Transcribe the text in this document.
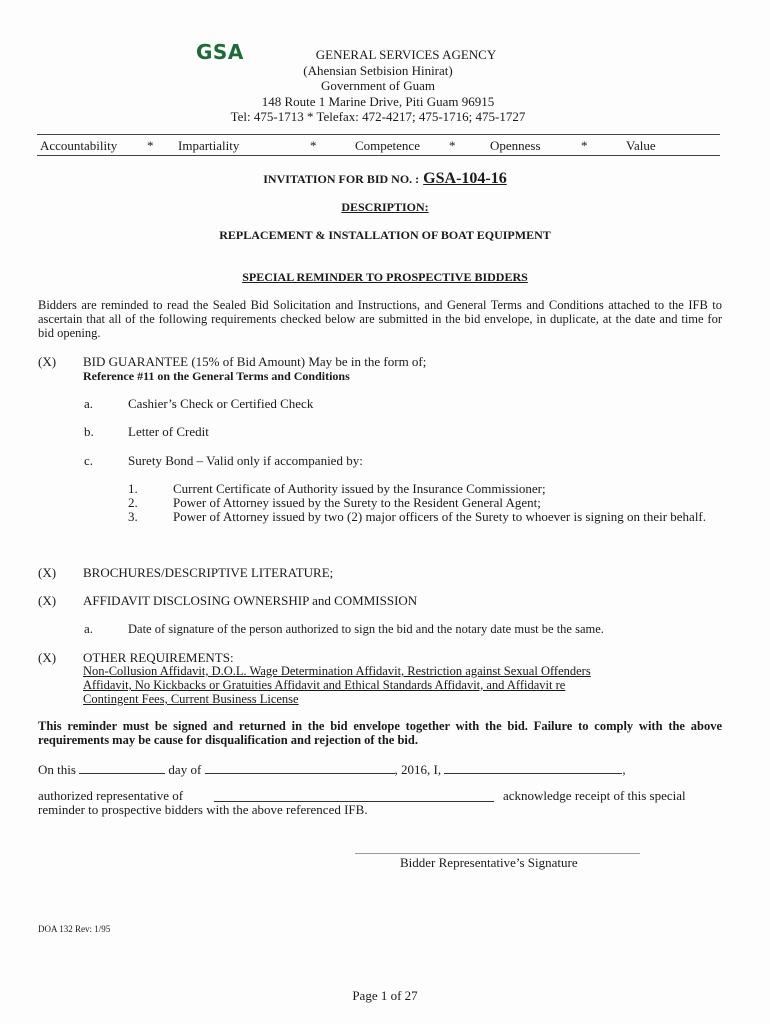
GSA	GENERAL SERVICES AGENCY
(Ahensian Setbision Hinirat)
Government of Guam
148 Route 1 Marine Drive, Piti Guam 96915
Tel: 475-1713 * Telefax: 472-4217; 475-1716; 475-1727
Accountability * Impartiality	*	Competence *	Openness	*	Value
INVITATION FOR BID NO. : GSA-104-16
DESCRIPTION:
REPLACEMENT & INSTALLATION OF BOAT EQUIPMENT
SPECIAL REMINDER TO PROSPECTIVE BIDDERS
Bidders are reminded to read the Sealed Bid Solicitation and Instructions, and General Terms and Conditions attached to the IFB to ascertain that all of the following requirements checked below are submitted in the bid envelope, in duplicate, at the date and time for bid opening.
(X) BID GUARANTEE (15% of Bid Amount) May be in the form of;
Reference #11 on the General Terms and Conditions
a.	Cashier’s Check or Certified Check
b.	Letter of Credit
c.	Surety Bond – Valid only if accompanied by:
1.	Current Certificate of Authority issued by the Insurance Commissioner;
2.	Power of Attorney issued by the Surety to the Resident General Agent;
3.	Power of Attorney issued by two (2) major officers of the Surety to whoever is signing on their behalf.
(X) BROCHURES/DESCRIPTIVE LITERATURE;
(X) AFFIDAVIT DISCLOSING OWNERSHIP and COMMISSION
a.	Date of signature of the person authorized to sign the bid and the notary date must be the same.
(X) OTHER REQUIREMENTS:
Non-Collusion Affidavit, D.O.L. Wage Determination Affidavit, Restriction against Sexual Offenders
Affidavit, No Kickbacks or Gratuities Affidavit and Ethical Standards Affidavit, and Affidavit re
Contingent Fees, Current Business License
This reminder must be signed and returned in the bid envelope together with the bid. Failure to comply with the above requirements may be cause for disqualification and rejection of the bid.
On this	day of	, 2016, I,	,
authorized representative of	acknowledge receipt of this special
reminder to prospective bidders with the above referenced IFB.
Bidder Representative’s Signature
DOA 132 Rev: 1/95
Page 1 of 27
